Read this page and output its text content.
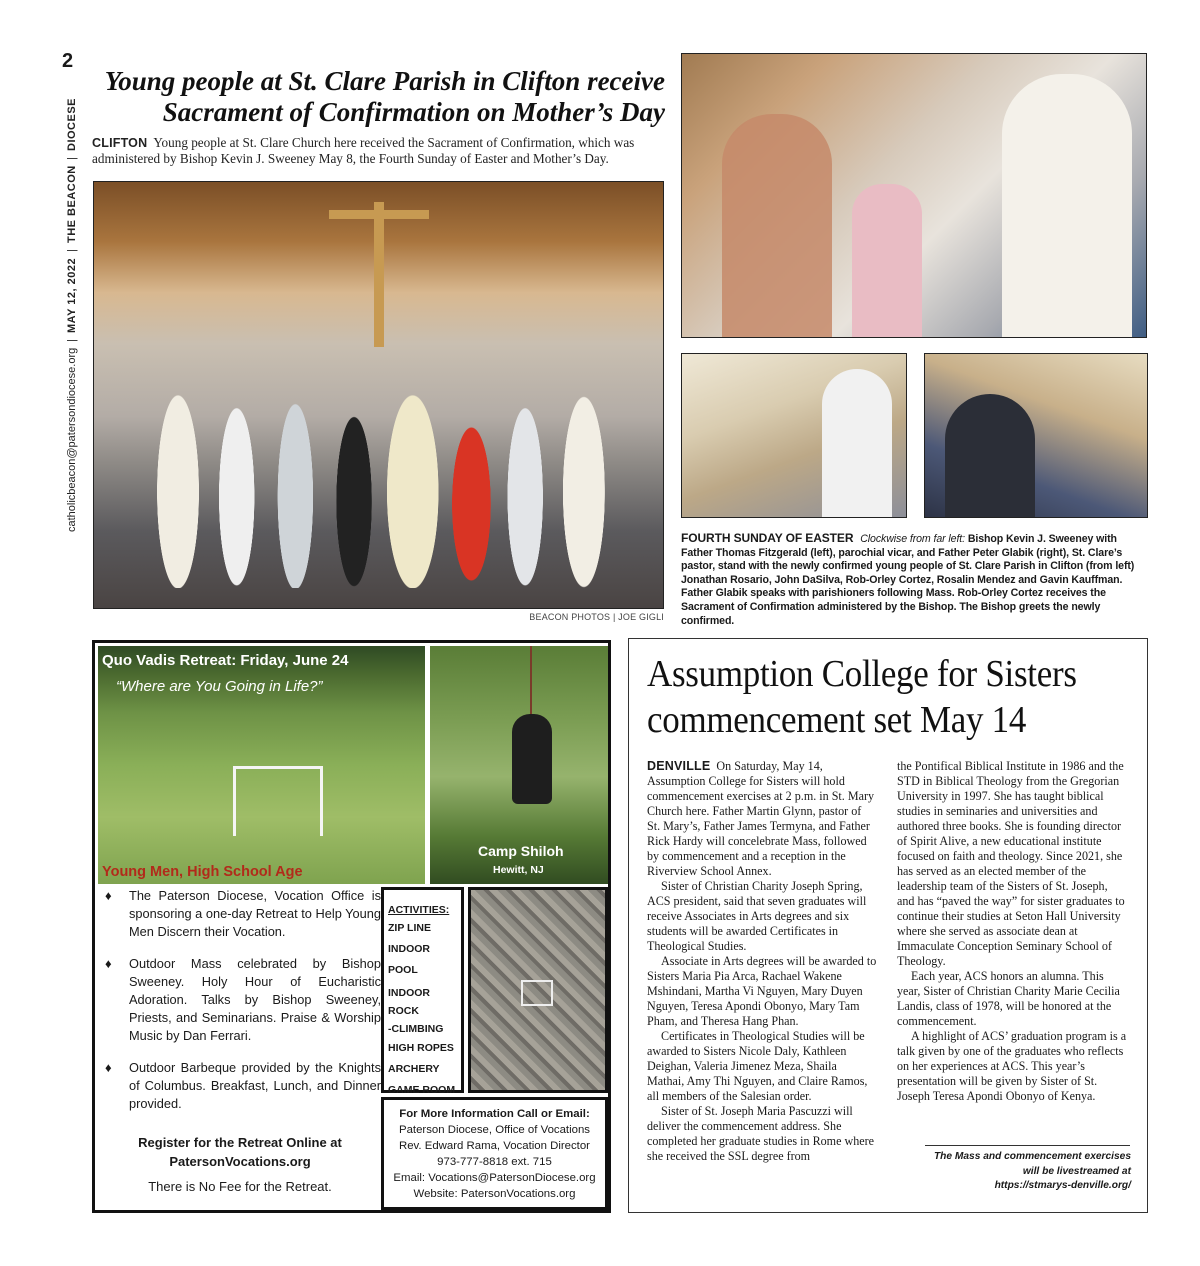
2
catholicbeacon@patersondiocese.org
|
MAY 12, 2022
|
THE BEACON
|
DIOCESE
Young people at St. Clare Parish in Clifton receive
Sacrament of Confirmation on Mother’s Day

CLIFTON Young people at St. Clare Church here received the Sacrament of Confirmation, which was administered by Bishop Kevin J. Sweeney May 8, the Fourth Sunday of Easter and Mother’s Day.

BEACON PHOTOS | JOE GIGLI

FOURTH SUNDAY OF EASTER Clockwise from far left: Bishop Kevin J. Sweeney with Father Thomas Fitzgerald (left), parochial vicar, and Father Peter Glabik (right), St. Clare’s pastor, stand with the newly confirmed young people of St. Clare Parish in Clifton (from left) Jonathan Rosario, John DaSilva, Rob-Orley Cortez, Rosalin Mendez and Gavin Kauffman. Father Glabik speaks with parishioners following Mass. Rob-Orley Cortez receives the Sacrament of Confirmation administered by the Bishop. The Bishop greets the newly confirmed.

Quo Vadis Retreat: Friday, June 24
“Where are You Going in Life?”
Young Men, High School Age
Camp Shiloh
Hewitt, NJ
♦ The Paterson Diocese, Vocation Office is sponsoring a one-day Retreat to Help Young Men Discern their Vocation.
♦ Outdoor Mass celebrated by Bishop Sweeney. Holy Hour of Eucharistic Adoration. Talks by Bishop Sweeney, Priests, and Seminarians. Praise & Worship Music by Dan Ferrari.
♦ Outdoor Barbeque provided by the Knights of Columbus. Breakfast, Lunch, and Dinner provided.
Register for the Retreat Online at
PatersonVocations.org
There is No Fee for the Retreat.
ACTIVITIES:
ZIP LINE
INDOOR POOL
INDOOR ROCK
-CLIMBING
HIGH ROPES
ARCHERY
GAME ROOM
For More Information Call or Email:
Paterson Diocese, Office of Vocations
Rev. Edward Rama, Vocation Director
973-777-8818 ext. 715
Email: Vocations@PatersonDiocese.org
Website: PatersonVocations.org
Assumption College for Sisters
commencement set May 14

DENVILLE On Saturday, May 14, Assumption College for Sisters will hold commencement exercises at 2 p.m. in St. Mary Church here. Father Martin Glynn, pastor of St. Mary’s, Father James Termyna, and Father Rick Hardy will concelebrate Mass, followed by commencement and a reception in the Riverview School Annex.

Sister of Christian Charity Joseph Spring, ACS president, said that seven graduates will receive Associates in Arts degrees and six students will be awarded Certificates in Theological Studies.

Associate in Arts degrees will be awarded to Sisters Maria Pia Arca, Rachael Wakene Mshindani, Martha Vi Nguyen, Mary Duyen Nguyen, Teresa Apondi Obonyo, Mary Tam Pham, and Theresa Hang Phan.

Certificates in Theological Studies will be awarded to Sisters Nicole Daly, Kathleen Deighan, Valeria Jimenez Meza, Shaila Mathai, Amy Thi Nguyen, and Claire Ramos, all members of the Salesian order.

Sister of St. Joseph Maria Pascuzzi will deliver the commencement address. She completed her graduate studies in Rome where she received the SSL degree from

the Pontifical Biblical Institute in 1986 and the STD in Biblical Theology from the Gregorian University in 1997. She has taught biblical studies in seminaries and universities and authored three books. She is founding director of Spirit Alive, a new educational institute focused on faith and theology. Since 2021, she has served as an elected member of the leadership team of the Sisters of St. Joseph, and has “paved the way” for sister graduates to continue their studies at Seton Hall University where she served as associate dean at Immaculate Conception Seminary School of Theology.

Each year, ACS honors an alumna. This year, Sister of Christian Charity Marie Cecilia Landis, class of 1978, will be honored at the commencement.

A highlight of ACS’ graduation program is a talk given by one of the graduates who reflects on her experiences at ACS. This year’s presentation will be given by Sister of St. Joseph Teresa Apondi Obonyo of Kenya.

The Mass and commencement exercises
will be livestreamed at
https://stmarys-denville.org/
